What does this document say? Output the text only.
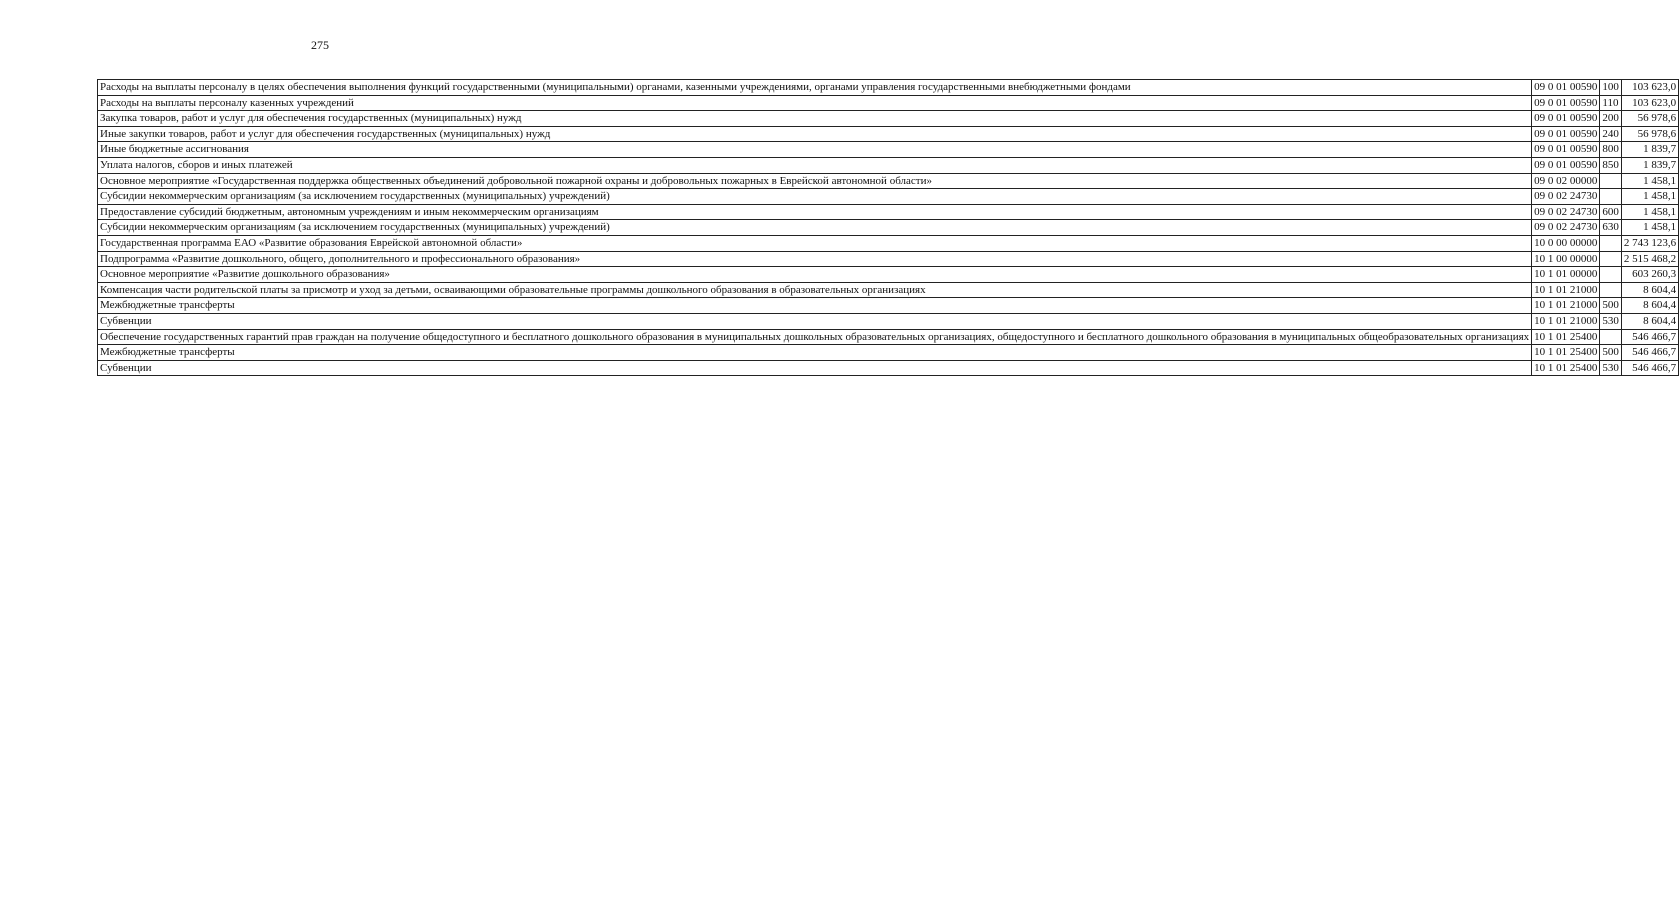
275
Расходы на выплаты персоналу в целях обеспечения выполнения функций государственными (муниципальными) органами, казенными учреждениями, органами управления государственными внебюджетными фондами	09 0 01 00590	100	103 623,0
Расходы на выплаты персоналу казенных учреждений	09 0 01 00590	110	103 623,0
Закупка товаров, работ и услуг для обеспечения государственных (муниципальных) нужд	09 0 01 00590	200	56 978,6
Иные закупки товаров, работ и услуг для обеспечения государственных (муниципальных) нужд	09 0 01 00590	240	56 978,6
Иные бюджетные ассигнования	09 0 01 00590	800	1 839,7
Уплата налогов, сборов и иных платежей	09 0 01 00590	850	1 839,7
Основное мероприятие «Государственная поддержка общественных объединений добровольной пожарной охраны и добровольных пожарных в Еврейской автономной области»	09 0 02 00000		1 458,1
Субсидии некоммерческим организациям (за исключением государственных (муниципальных) учреждений)	09 0 02 24730		1 458,1
Предоставление субсидий бюджетным, автономным учреждениям и иным некоммерческим организациям	09 0 02 24730	600	1 458,1
Субсидии некоммерческим организациям (за исключением государственных (муниципальных) учреждений)	09 0 02 24730	630	1 458,1
Государственная программа ЕАО «Развитие образования Еврейской автономной области»	10 0 00 00000		2 743 123,6
Подпрограмма «Развитие дошкольного, общего, дополнительного и профессионального образования»	10 1 00 00000		2 515 468,2
Основное мероприятие «Развитие дошкольного образования»	10 1 01 00000		603 260,3
Компенсация части родительской платы за присмотр и уход за детьми, осваивающими образовательные программы дошкольного образования в образовательных организациях	10 1 01 21000		8 604,4
Межбюджетные трансферты	10 1 01 21000	500	8 604,4
Субвенции	10 1 01 21000	530	8 604,4
Обеспечение государственных гарантий прав граждан на получение общедоступного и бесплатного дошкольного образования в муниципальных дошкольных образовательных организациях, общедоступного и бесплатного дошкольного образования в муниципальных общеобразовательных организациях	10 1 01 25400		546 466,7
Межбюджетные трансферты	10 1 01 25400	500	546 466,7
Субвенции	10 1 01 25400	530	546 466,7
